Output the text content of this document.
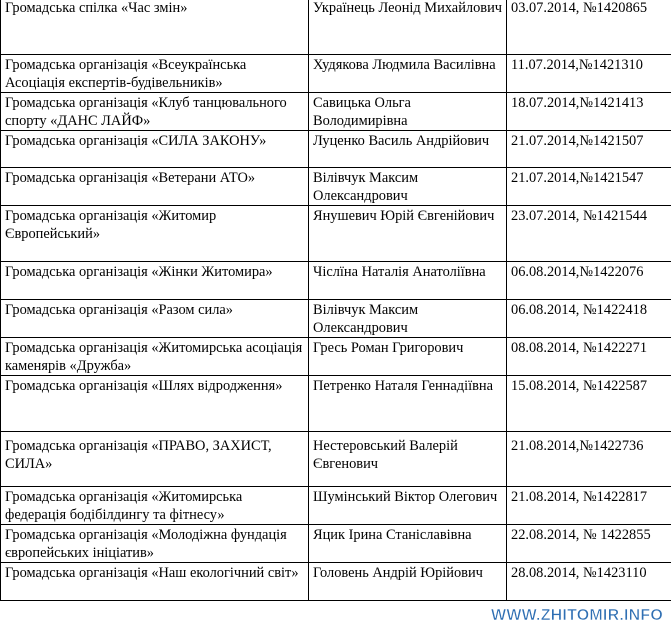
Громадська спілка «Час змін»	Українець Леонід Михайлович	03.07.2014, №1420865
Громадська організація «Всеукраїнська Асоціація експертів-будівельників»	Худякова Людмила Василівна	11.07.2014,№1421310
Громадська організація «Клуб танцювального спорту «ДАНС ЛАЙФ»	Савицька Ольга Володимирівна	18.07.2014,№1421413
Громадська організація «СИЛА ЗАКОНУ»	Луценко Василь Андрійович	21.07.2014,№1421507
Громадська організація «Ветерани АТО»	Вілівчук Максим Олександрович	21.07.2014,№1421547
Громадська організація «Житомир Європейський»	Янушевич Юрій Євгенійович	23.07.2014, №1421544
Громадська організація «Жінки Житомира»	Чіслїна Наталія Анатоліївна	06.08.2014,№1422076
Громадська організація «Разом сила»	Вілівчук Максим Олександрович	06.08.2014, №1422418
Громадська організація «Житомирська асоціація каменярів «Дружба»	Гресь Роман Григорович	08.08.2014, №1422271
Громадська організація «Шлях відродження»	Петренко Наталя Геннадіївна	15.08.2014, №1422587
Громадська організація «ПРАВО, ЗАХИСТ, СИЛА»	Нестеровський Валерій Євгенович	21.08.2014,№1422736
Громадська організація «Житомирська федерація бодібілдингу та фітнесу»	Шумінський Віктор Олегович	21.08.2014, №1422817
Громадська організація «Молодіжна фундація європейських ініціатив»	Яцик Ірина Станіславівна	22.08.2014, № 1422855
Громадська організація «Наш екологічний світ»	Головень Андрій Юрійович	28.08.2014, №1423110
WWW.ZHITOMIR.INFO
